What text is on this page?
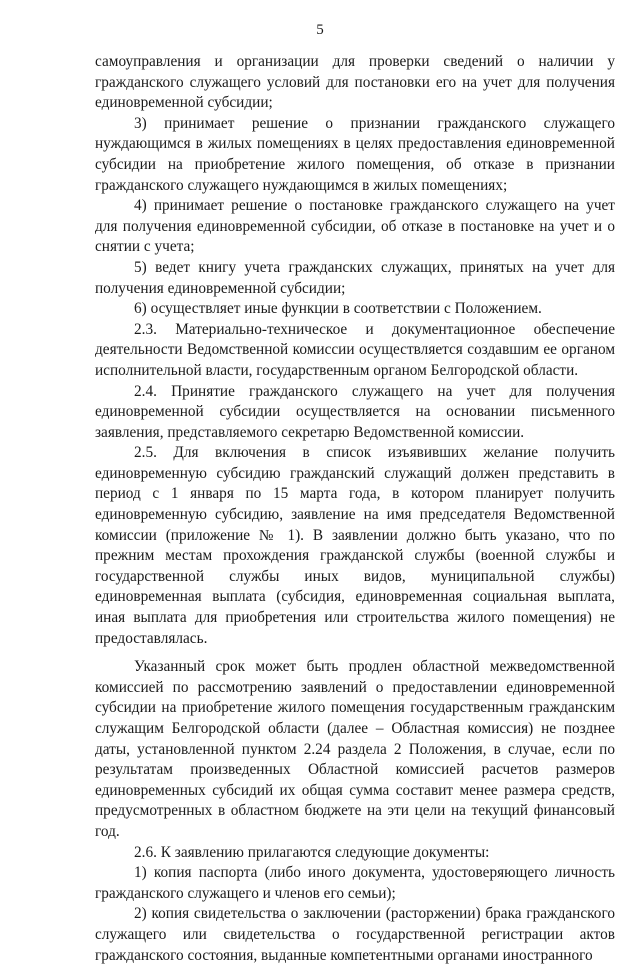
5

самоуправления и организации для проверки сведений о наличии у гражданского служащего условий для постановки его на учет для получения единовременной субсидии;

3) принимает решение о признании гражданского служащего нуждающимся в жилых помещениях в целях предоставления единовременной субсидии на приобретение жилого помещения, об отказе в признании гражданского служащего нуждающимся в жилых помещениях;

4) принимает решение о постановке гражданского служащего на учет для получения единовременной субсидии, об отказе в постановке на учет и о снятии с учета;

5) ведет книгу учета гражданских служащих, принятых на учет для получения единовременной субсидии;

6) осуществляет иные функции в соответствии с Положением.

2.3. Материально-техническое и документационное обеспечение деятельности Ведомственной комиссии осуществляется создавшим ее органом исполнительной власти, государственным органом Белгородской области.

2.4. Принятие гражданского служащего на учет для получения единовременной субсидии осуществляется на основании письменного заявления, представляемого секретарю Ведомственной комиссии.

2.5. Для включения в список изъявивших желание получить единовременную субсидию гражданский служащий должен представить в период с 1 января по 15 марта года, в котором планирует получить единовременную субсидию, заявление на имя председателя Ведомственной комиссии (приложение № 1). В заявлении должно быть указано, что по прежним местам прохождения гражданской службы (военной службы и государственной службы иных видов, муниципальной службы) единовременная выплата (субсидия, единовременная социальная выплата, иная выплата для приобретения или строительства жилого помещения) не предоставлялась.

Указанный срок может быть продлен областной межведомственной комиссией по рассмотрению заявлений о предоставлении единовременной субсидии на приобретение жилого помещения государственным гражданским служащим Белгородской области (далее – Областная комиссия) не позднее даты, установленной пунктом 2.24 раздела 2 Положения, в случае, если по результатам произведенных Областной комиссией расчетов размеров единовременных субсидий их общая сумма составит менее размера средств, предусмотренных в областном бюджете на эти цели на текущий финансовый год.

2.6. К заявлению прилагаются следующие документы:

1) копия паспорта (либо иного документа, удостоверяющего личность гражданского служащего и членов его семьи);

2) копия свидетельства о заключении (расторжении) брака гражданского служащего или свидетельства о государственной регистрации актов гражданского состояния, выданные компетентными органами иностранного
